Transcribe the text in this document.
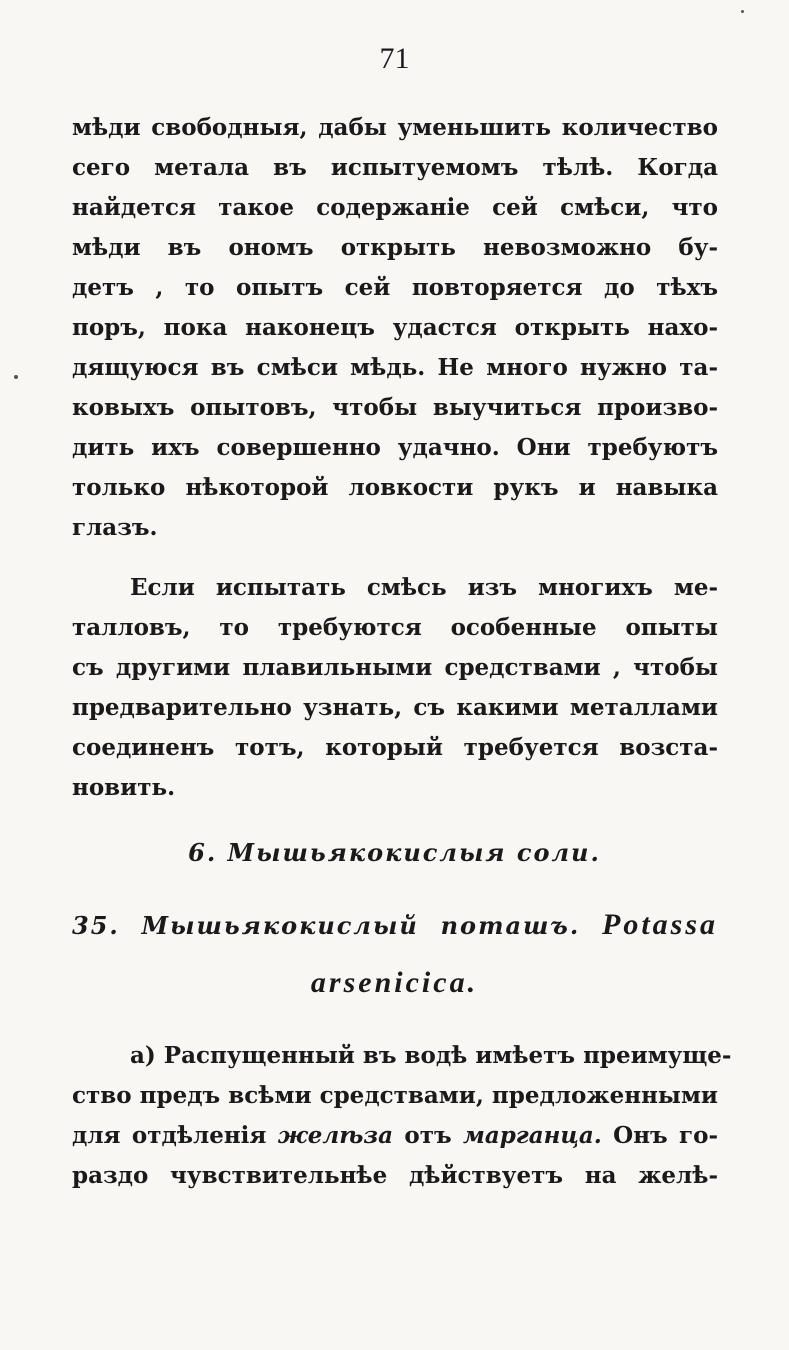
71
мѣди свободныя, дабы уменьшить количество
сего метала въ испытуемомъ тѣлѣ. Когда
найдется такое содержаніе сей смѣси, что
мѣди въ ономъ открыть невозможно бу-
детъ , то опытъ сей повторяется до тѣхъ
поръ, пока наконецъ удастся открыть нахо-
дящуюся въ смѣси мѣдь. Не много нужно та-
ковыхъ опытовъ, чтобы выучиться произво-
дить ихъ совершенно удачно. Они требуютъ
только нѣкоторой ловкости рукъ и навыка
глазъ.
Если испытать смѣсь изъ многихъ ме-
талловъ, то требуются особенные опыты
съ другими плавильными средствами , чтобы
предварительно узнать, съ какими металлами
соединенъ тотъ, который требуется возста-
новить.
6. Мышьякокислыя соли.
35. Мышьякокислый поташъ. Potassa
arsenicica.
а) Распущенный въ водѣ имѣетъ преимуще-
ство предъ всѣми средствами, предложенными
для отдѣленія желѣза отъ марганца. Онъ го-
раздо чувствительнѣе дѣйствуетъ на желѣ-
